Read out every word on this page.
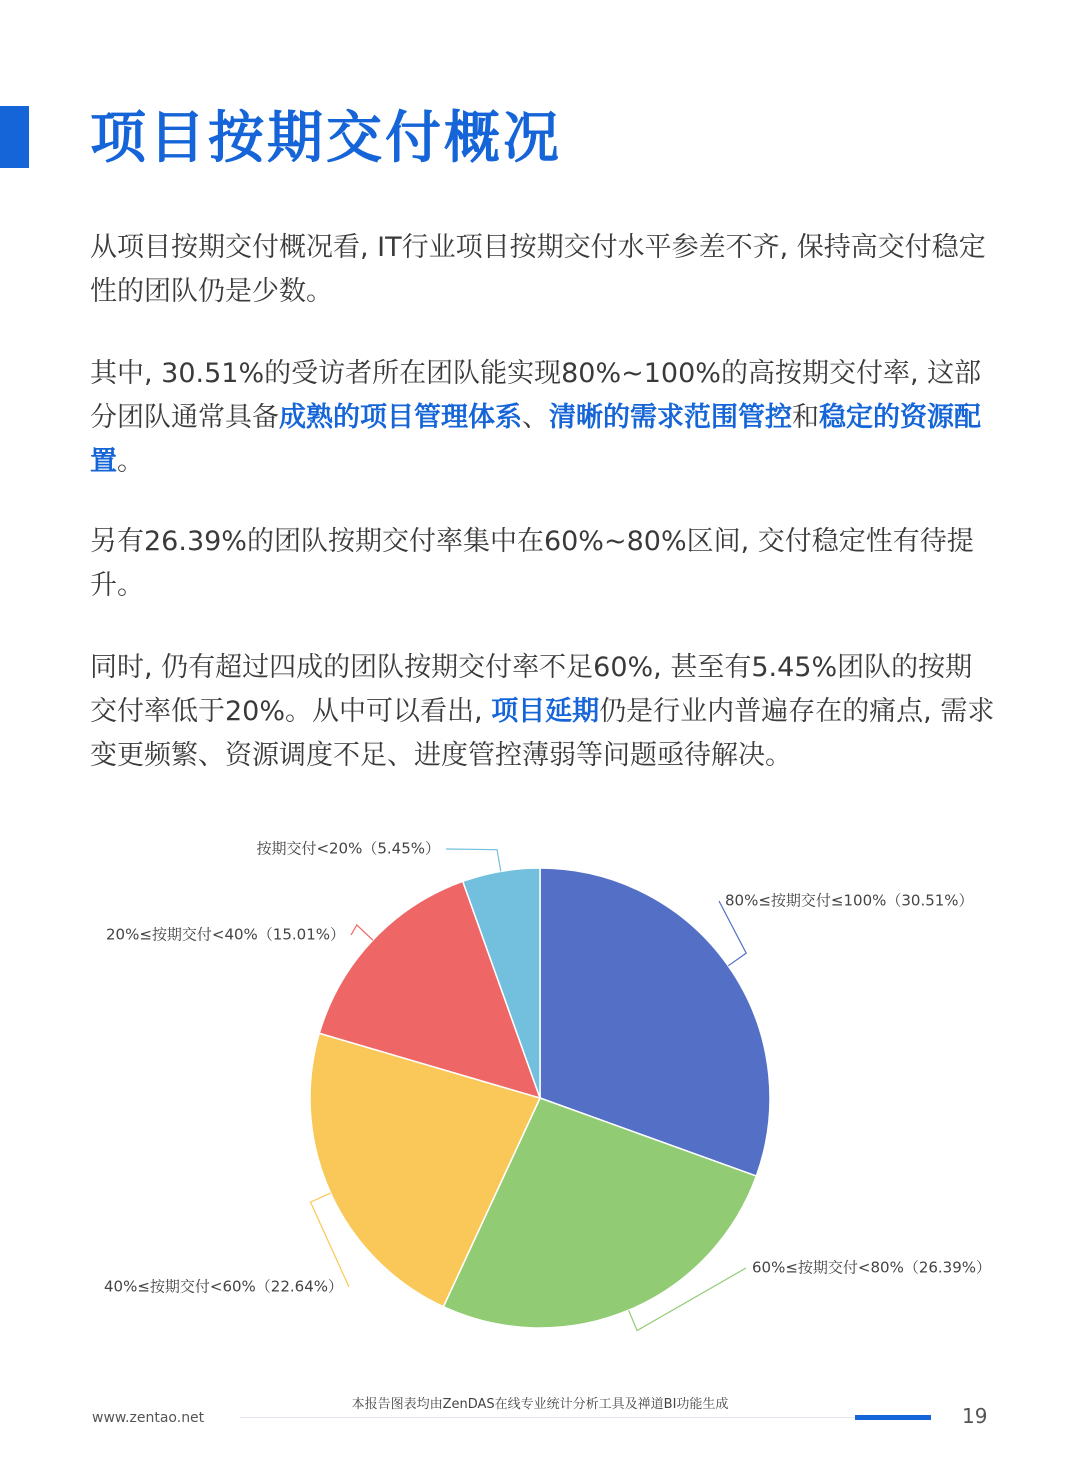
项目按期交付概况

从项目按期交付概况看, IT行业项目按期交付水平参差不齐, 保持高交付稳定性的团队仍是少数。

其中, 30.51%的受访者所在团队能实现80%~100%的高按期交付率, 这部分团队通常具备成熟的项目管理体系、清晰的需求范围管控和稳定的资源配置。

另有26.39%的团队按期交付率集中在60%~80%区间, 交付稳定性有待提升。

同时, 仍有超过四成的团队按期交付率不足60%, 甚至有5.45%团队的按期交付率低于20%。从中可以看出, 项目延期仍是行业内普遍存在的痛点, 需求变更频繁、资源调度不足、进度管控薄弱等问题亟待解决。

80%≤按期交付≤100%（30.51%）
60%≤按期交付<80%（26.39%）
40%≤按期交付<60%（22.64%）
20%≤按期交付<40%（15.01%）
按期交付<20%（5.45%）
本报告图表均由ZenDAS在线专业统计分析工具及禅道BI功能生成
www.zentao.net	19
